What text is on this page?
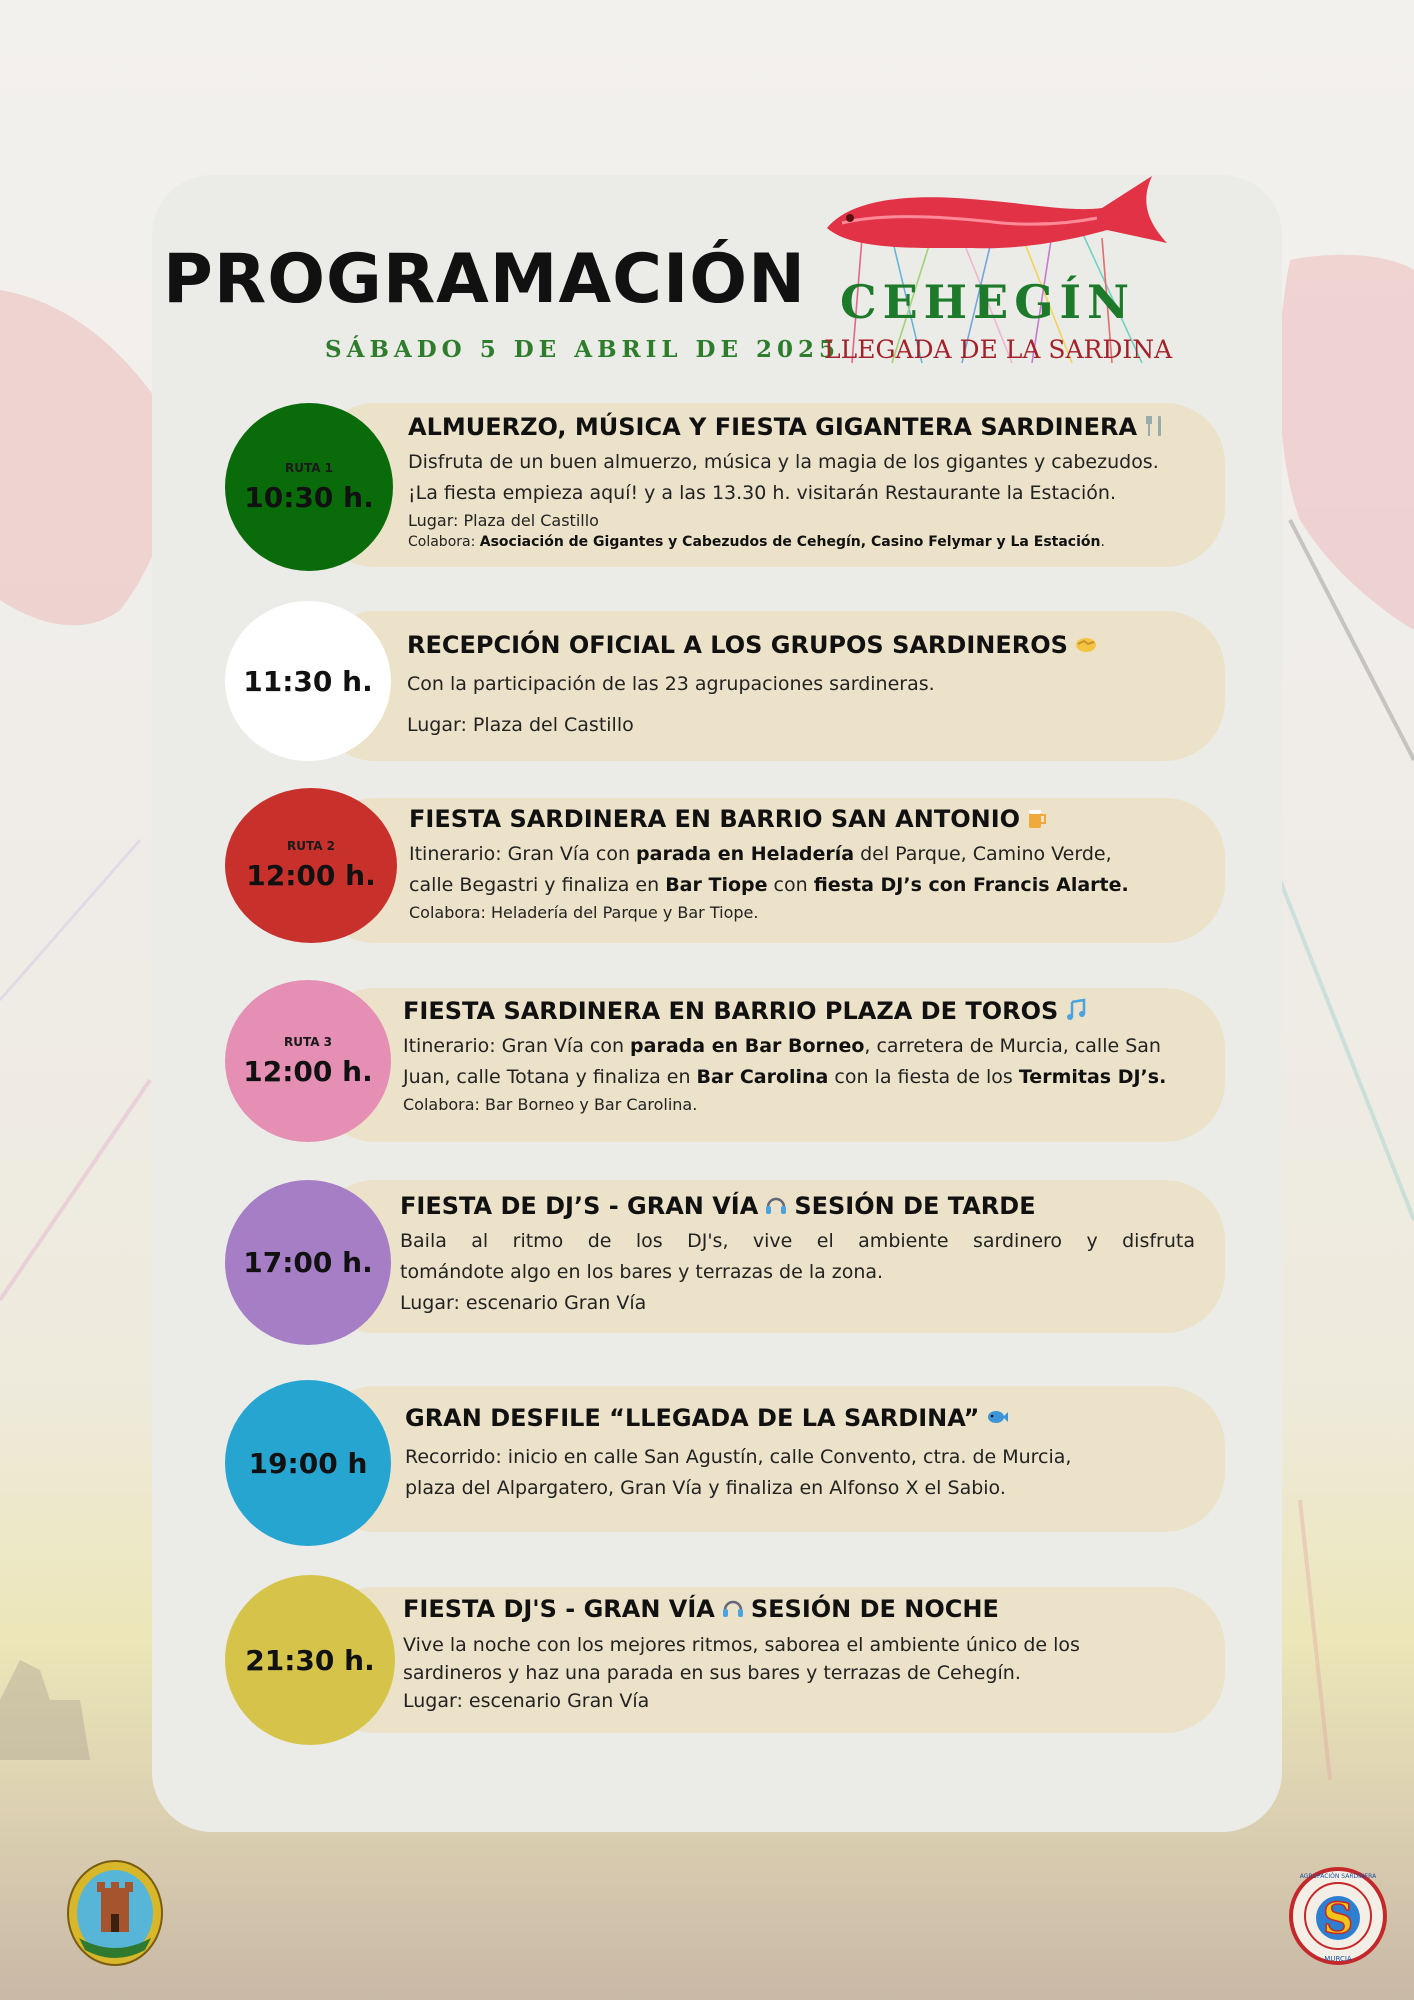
PROGRAMACIÓN
SÁBADO 5 DE ABRIL DE 2025
CEHEGÍN
LLEGADA DE LA SARDINA
RUTA 1
10:30 h.
ALMUERZO, MÚSICA Y FIESTA GIGANTERA SARDINERA
Disfruta de un buen almuerzo, música y la magia de los gigantes y cabezudos.
¡La fiesta empieza aquí! y a las 13.30 h. visitarán Restaurante la Estación.
Lugar: Plaza del Castillo
Colabora: Asociación de Gigantes y Cabezudos de Cehegín, Casino Felymar y La Estación.
11:30 h.
RECEPCIÓN OFICIAL A LOS GRUPOS SARDINEROS
Con la participación de las 23 agrupaciones sardineras.
Lugar: Plaza del Castillo
RUTA 2
12:00 h.
FIESTA SARDINERA EN BARRIO SAN ANTONIO
Itinerario: Gran Vía con parada en Heladería del Parque, Camino Verde,
calle Begastri y finaliza en Bar Tiope con fiesta DJ’s con Francis Alarte.
Colabora: Heladería del Parque y Bar Tiope.
RUTA 3
12:00 h.
FIESTA SARDINERA EN BARRIO PLAZA DE TOROS
Itinerario: Gran Vía con parada en Bar Borneo, carretera de Murcia, calle San
Juan, calle Totana y finaliza en Bar Carolina con la fiesta de los Termitas DJ’s.
Colabora: Bar Borneo y Bar Carolina.
17:00 h.
FIESTA DE DJ’S - GRAN VÍA SESIÓN DE TARDE
Baila al ritmo de los DJ's, vive el ambiente sardinero y disfruta
tomándote algo en los bares y terrazas de la zona.
Lugar: escenario Gran Vía
19:00 h
GRAN DESFILE “LLEGADA DE LA SARDINA”
Recorrido: inicio en calle San Agustín, calle Convento, ctra. de Murcia,
plaza del Alpargatero, Gran Vía y finaliza en Alfonso X el Sabio.
21:30 h.
FIESTA DJ'S - GRAN VÍA SESIÓN DE NOCHE
Vive la noche con los mejores ritmos, saborea el ambiente único de los
sardineros y haz una parada en sus bares y terrazas de Cehegín.
Lugar: escenario Gran Vía
AGRUPACIÓN SARDINERA
MURCIA
S
